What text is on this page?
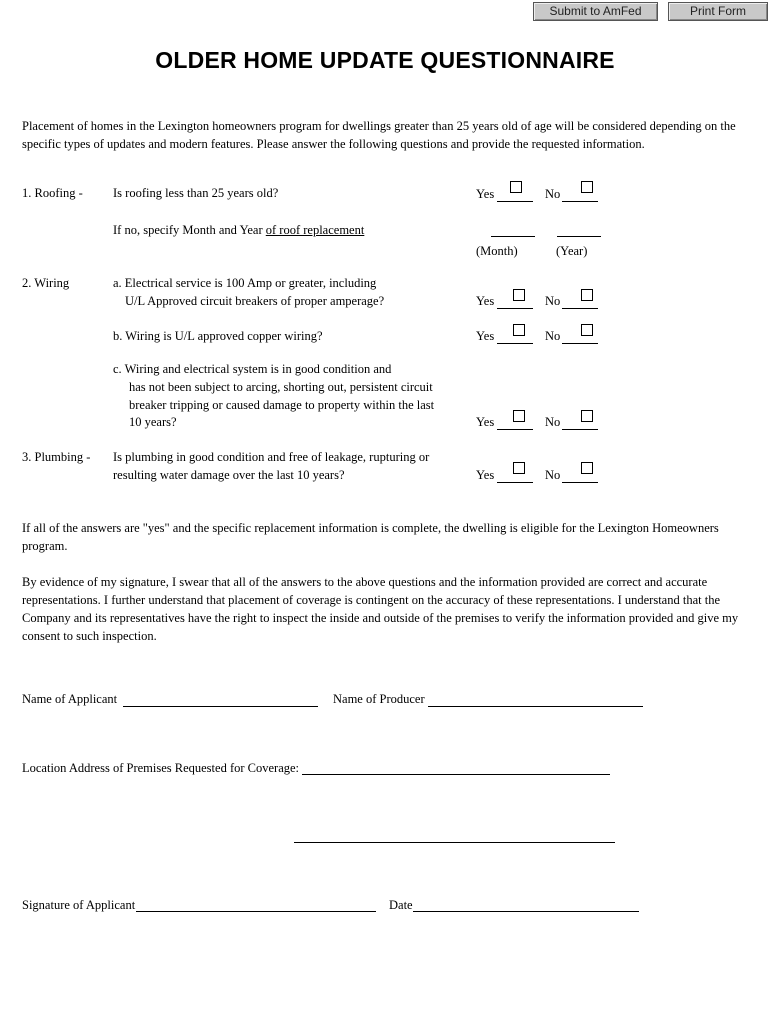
Submit to AmFed	Print Form
OLDER HOME UPDATE QUESTIONNAIRE
Placement of homes in the Lexington homeowners program for dwellings greater than 25 years old of age will be considered depending on the specific types of updates and modern features. Please answer the following questions and provide the requested information.
1. Roofing - Is roofing less than 25 years old?	Yes	No
If no, specify Month and Year of roof replacement
(Month)	(Year)
2. Wiring	a. Electrical service is 100 Amp or greater, including
U/L Approved circuit breakers of proper amperage?	Yes	No
b. Wiring is U/L approved copper wiring?	Yes	No
c. Wiring and electrical system is in good condition and
has not been subject to arcing, shorting out, persistent circuit
breaker tripping or caused damage to property within the last
10 years?	Yes	No
3. Plumbing - Is plumbing in good condition and free of leakage, rupturing or
resulting water damage over the last 10 years?	Yes	No
If all of the answers are "yes" and the specific replacement information is complete, the dwelling is eligible for the Lexington Homeowners program.
By evidence of my signature, I swear that all of the answers to the above questions and the information provided are correct and accurate representations. I further understand that placement of coverage is contingent on the accuracy of these representations. I understand that the Company and its representatives have the right to inspect the inside and outside of the premises to verify the information provided and give my consent to such inspection.
Name of Applicant	Name of Producer
Location Address of Premises Requested for Coverage:
Signature of Applicant	Date
